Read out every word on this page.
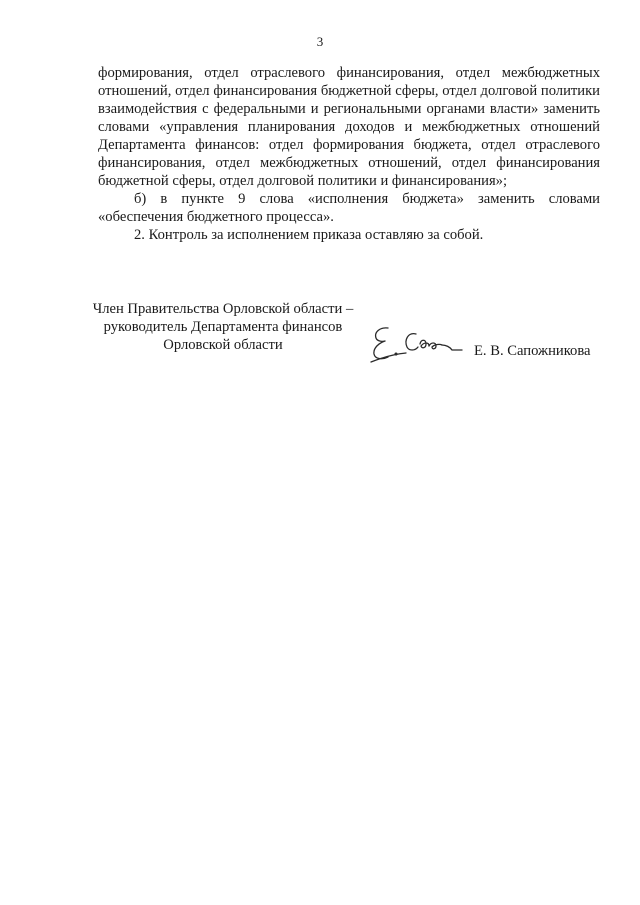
3

формирования, отдел отраслевого финансирования, отдел межбюджетных отношений, отдел финансирования бюджетной сферы, отдел долговой политики взаимодействия с федеральными и региональными органами власти» заменить словами «управления планирования доходов и межбюджетных отношений Департамента финансов: отдел формирования бюджета, отдел отраслевого финансирования, отдел межбюджетных отношений, отдел финансирования бюджетной сферы, отдел долговой политики и финансирования»;

б) в пункте 9 слова «исполнения бюджета» заменить словами «обеспечения бюджетного процесса».

2. Контроль за исполнением приказа оставляю за собой.

Член Правительства Орловской области –
руководитель Департамента финансов
Орловской области	Е. В. Сапожникова
